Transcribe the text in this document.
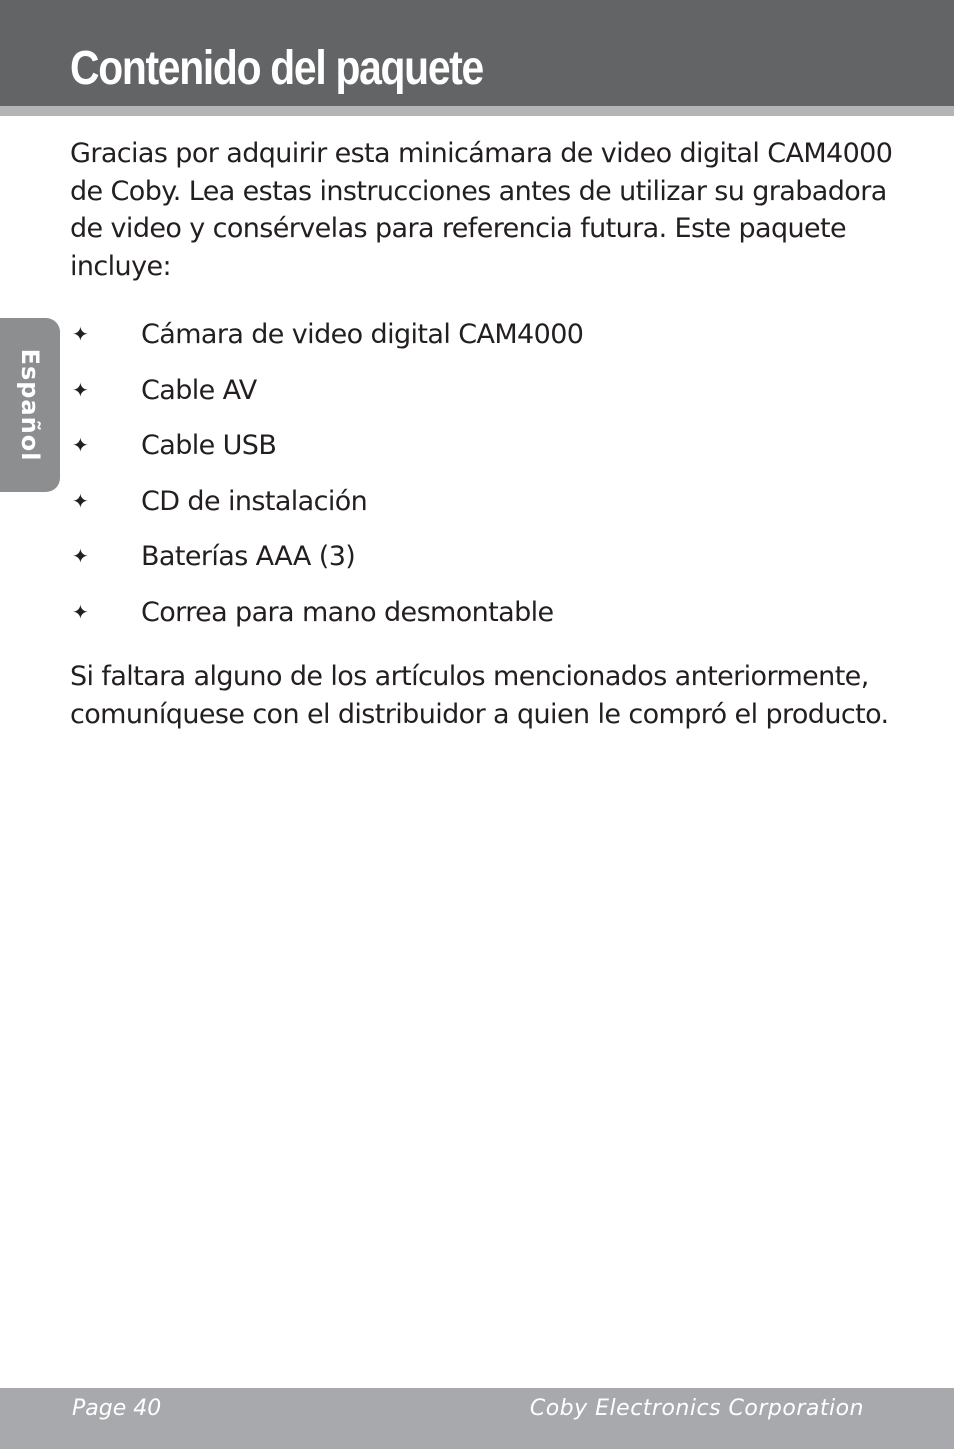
Contenido del paquete
Español

Gracias por adquirir esta minicámara de video digital CAM4000 de Coby. Lea estas instrucciones antes de utilizar su grabadora de video y consérvelas para referencia futura. Este paquete incluye:

✦ Cámara de video digital CAM4000
✦ Cable AV
✦ Cable USB
✦ CD de instalación
✦ Baterías AAA (3)
✦ Correa para mano desmontable

Si faltara alguno de los artículos mencionados anteriormente, comuníquese con el distribuidor a quien le compró el producto.

Page 40	Coby Electronics Corporation
